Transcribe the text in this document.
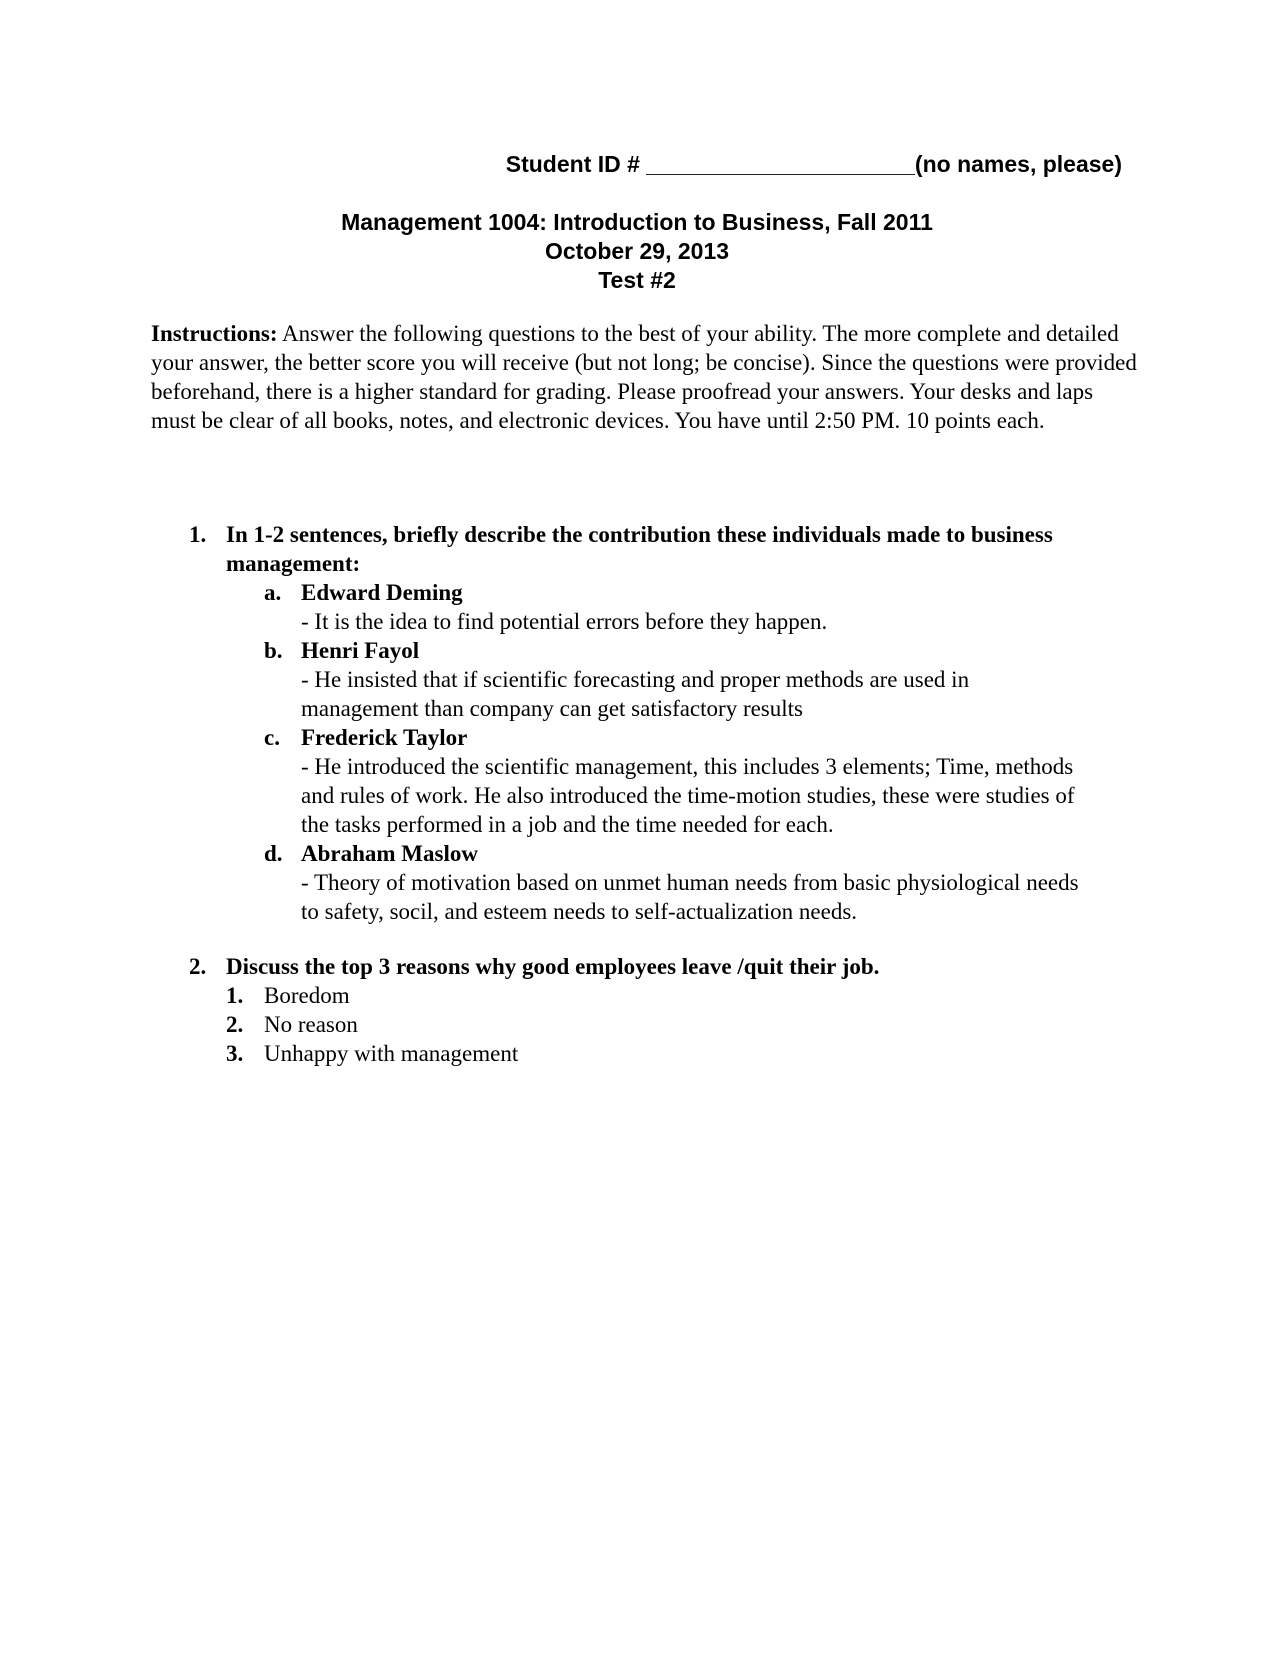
Student ID # _____________________(no names, please)
Management 1004: Introduction to Business, Fall 2011
October 29, 2013
Test #2

Instructions: Answer the following questions to the best of your ability. The more complete and detailed your answer, the better score you will receive (but not long; be concise). Since the questions were provided beforehand, there is a higher standard for grading. Please proofread your answers. Your desks and laps must be clear of all books, notes, and electronic devices. You have until 2:50 PM. 10 points each.

1. In 1-2 sentences, briefly describe the contribution these individuals made to business management:
a. Edward Deming
- It is the idea to find potential errors before they happen.
b. Henri Fayol
- He insisted that if scientific forecasting and proper methods are used in management than company can get satisfactory results
c. Frederick Taylor
- He introduced the scientific management, this includes 3 elements; Time, methods and rules of work. He also introduced the time-motion studies, these were studies of the tasks performed in a job and the time needed for each.
d. Abraham Maslow
- Theory of motivation based on unmet human needs from basic physiological needs to safety, socil, and esteem needs to self-actualization needs.
2. Discuss the top 3 reasons why good employees leave /quit their job.
1. Boredom
2. No reason
3. Unhappy with management
